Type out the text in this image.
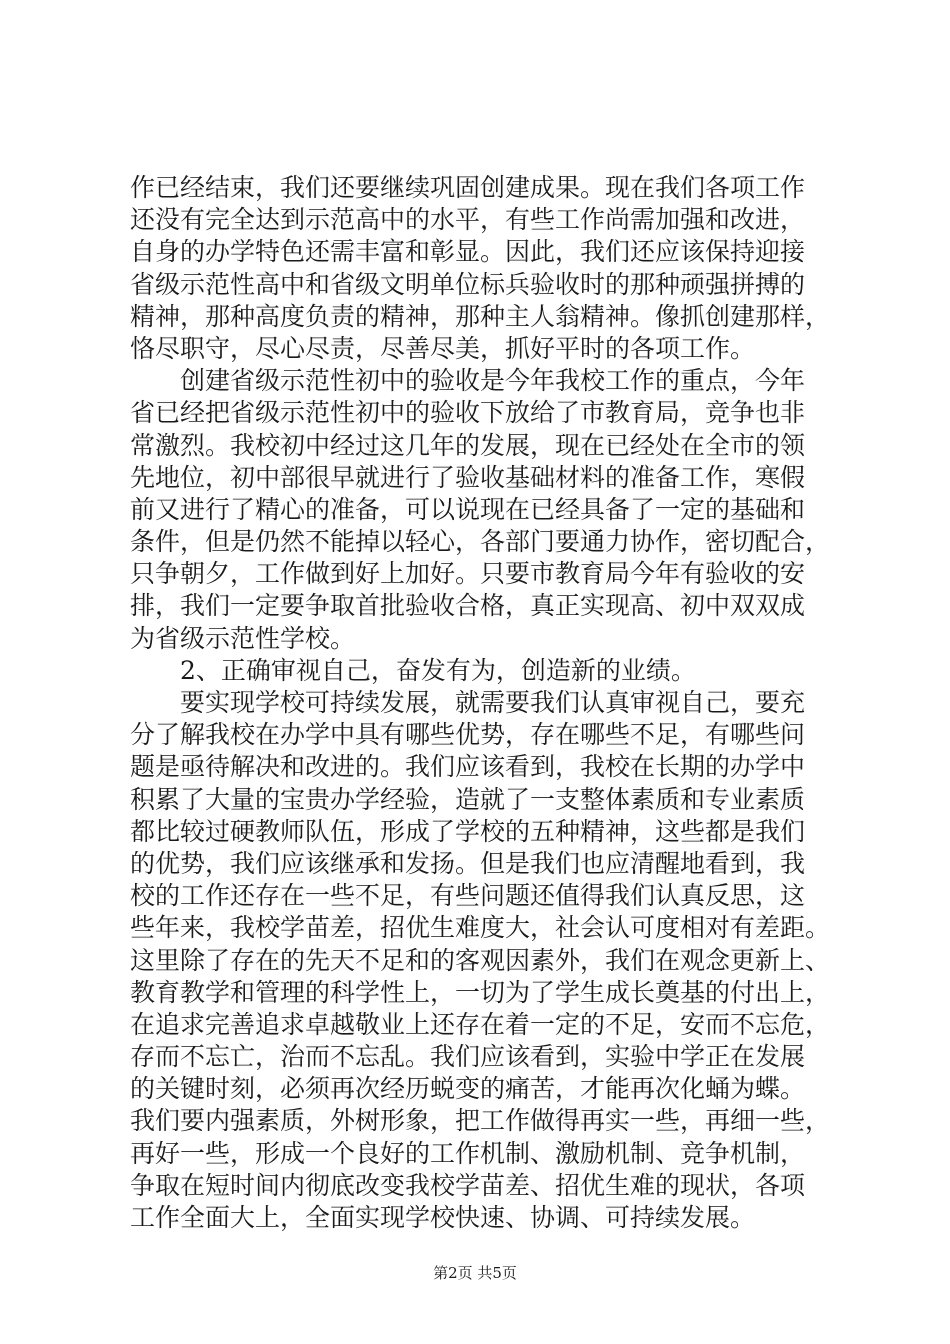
作已经结束，我们还要继续巩固创建成果。现在我们各项工作
还没有完全达到示范高中的水平，有些工作尚需加强和改进，
自身的办学特色还需丰富和彰显。因此，我们还应该保持迎接
省级示范性高中和省级文明单位标兵验收时的那种顽强拼搏的
精神，那种高度负责的精神，那种主人翁精神。像抓创建那样，
恪尽职守，尽心尽责，尽善尽美，抓好平时的各项工作。
创建省级示范性初中的验收是今年我校工作的重点，今年
省已经把省级示范性初中的验收下放给了市教育局，竞争也非
常激烈。我校初中经过这几年的发展，现在已经处在全市的领
先地位，初中部很早就进行了验收基础材料的准备工作，寒假
前又进行了精心的准备，可以说现在已经具备了一定的基础和
条件，但是仍然不能掉以轻心，各部门要通力协作，密切配合，
只争朝夕，工作做到好上加好。只要市教育局今年有验收的安
排，我们一定要争取首批验收合格，真正实现高、初中双双成
为省级示范性学校。
2、正确审视自己，奋发有为，创造新的业绩。
要实现学校可持续发展，就需要我们认真审视自己，要充
分了解我校在办学中具有哪些优势，存在哪些不足，有哪些问
题是亟待解决和改进的。我们应该看到，我校在长期的办学中
积累了大量的宝贵办学经验，造就了一支整体素质和专业素质
都比较过硬教师队伍，形成了学校的五种精神，这些都是我们
的优势，我们应该继承和发扬。但是我们也应清醒地看到，我
校的工作还存在一些不足，有些问题还值得我们认真反思，这
些年来，我校学苗差，招优生难度大，社会认可度相对有差距。
这里除了存在的先天不足和的客观因素外，我们在观念更新上、
教育教学和管理的科学性上，一切为了学生成长奠基的付出上，
在追求完善追求卓越敬业上还存在着一定的不足，安而不忘危，
存而不忘亡，治而不忘乱。我们应该看到，实验中学正在发展
的关键时刻，必须再次经历蜕变的痛苦，才能再次化蛹为蝶。
我们要内强素质，外树形象，把工作做得再实一些，再细一些，
再好一些，形成一个良好的工作机制、激励机制、竞争机制，
争取在短时间内彻底改变我校学苗差、招优生难的现状，各项
工作全面大上，全面实现学校快速、协调、可持续发展。
第2页 共5页
